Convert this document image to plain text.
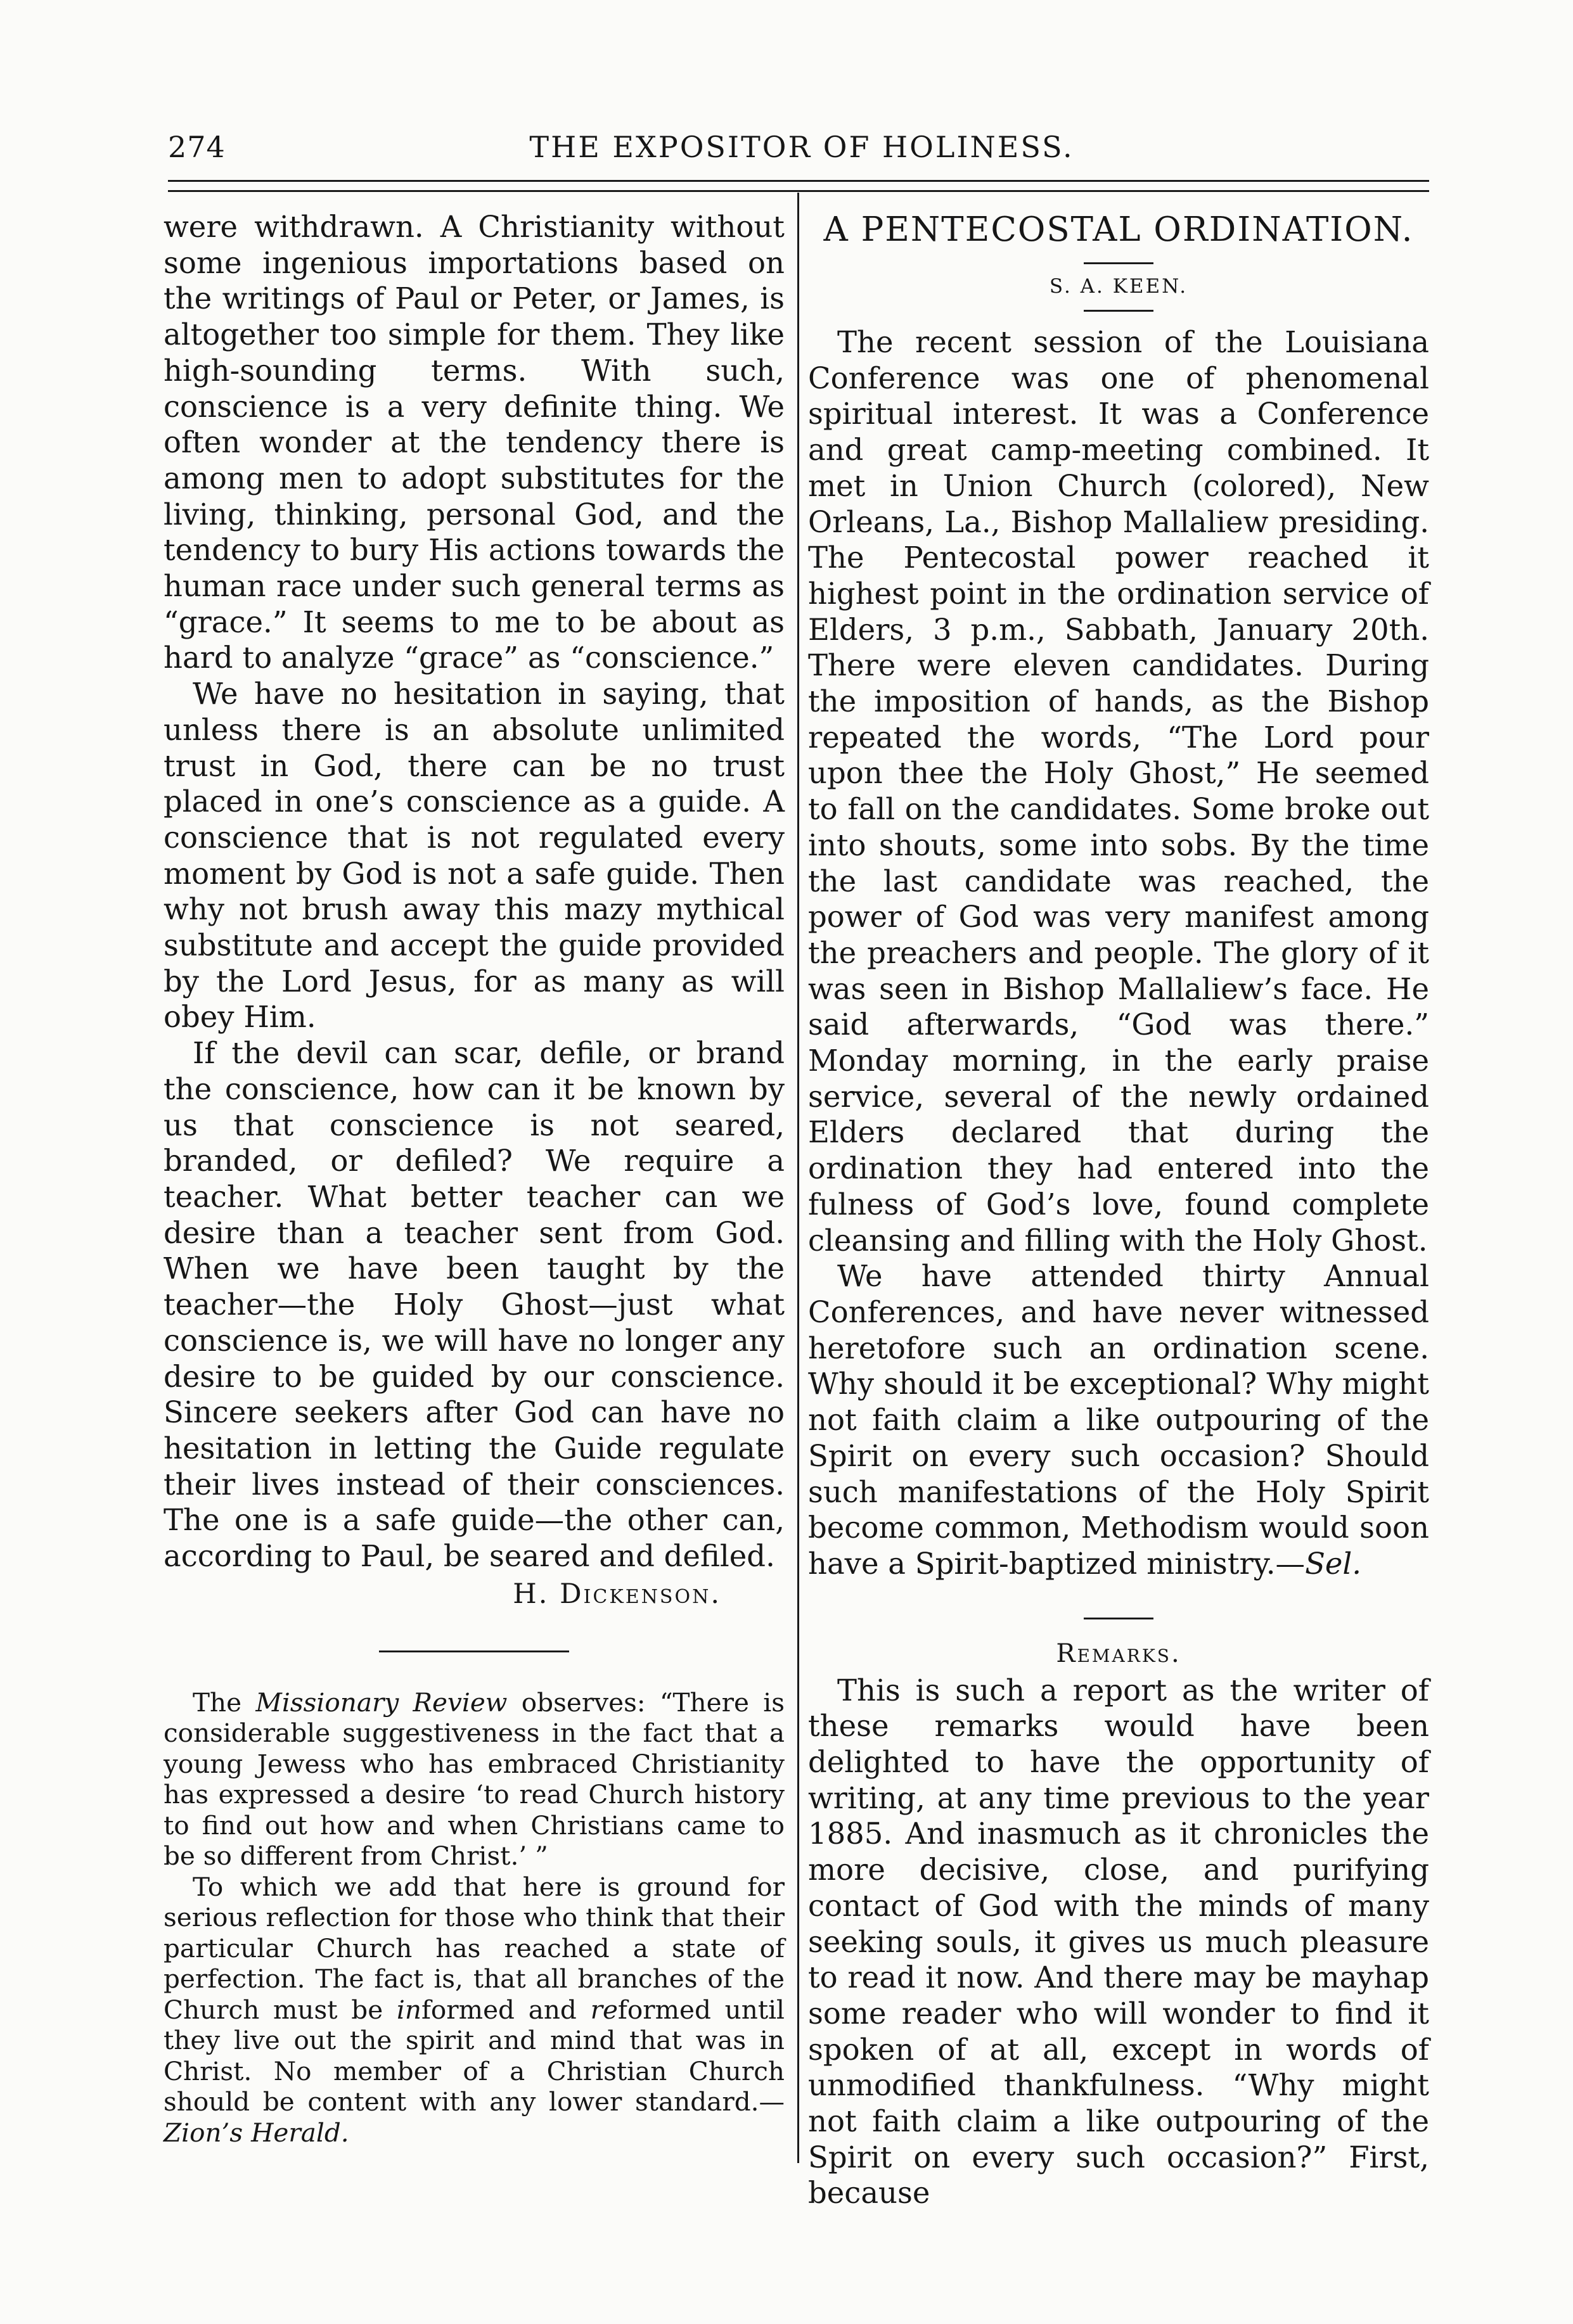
274	THE EXPOSITOR OF HOLINESS.

were withdrawn. A Christianity without some ingenious importations based on the writings of Paul or Peter, or James, is altogether too simple for them. They like high-sounding terms. With such, conscience is a very definite thing. We often wonder at the tendency there is among men to adopt substitutes for the living, thinking, personal God, and the tendency to bury His actions towards the human race under such general terms as “grace.” It seems to me to be about as hard to analyze “grace” as “conscience.”

We have no hesitation in saying, that unless there is an absolute unlimited trust in God, there can be no trust placed in one’s conscience as a guide. A conscience that is not regulated every moment by God is not a safe guide. Then why not brush away this mazy mythical substitute and accept the guide provided by the Lord Jesus, for as many as will obey Him.

If the devil can scar, defile, or brand the conscience, how can it be known by us that conscience is not seared, branded, or defiled? We require a teacher. What better teacher can we desire than a teacher sent from God. When we have been taught by the teacher—the Holy Ghost—just what conscience is, we will have no longer any desire to be guided by our conscience. Sincere seekers after God can have no hesitation in letting the Guide regulate their lives instead of their consciences. The one is a safe guide—the other can, according to Paul, be seared and defiled.

H. Dickenson.

The Missionary Review observes: “There is considerable suggestiveness in the fact that a young Jewess who has embraced Christianity has expressed a desire ‘to read Church history to find out how and when Christians came to be so different from Christ.’ ”

To which we add that here is ground for serious reflection for those who think that their particular Church has reached a state of perfection. The fact is, that all branches of the Church must be informed and reformed until they live out the spirit and mind that was in Christ. No member of a Christian Church should be content with any lower standard.—Zion’s Herald.

A PENTECOSTAL ORDINATION.

S. A. KEEN.

The recent session of the Louisiana Conference was one of phenomenal spiritual interest. It was a Conference and great camp-meeting combined. It met in Union Church (colored), New Orleans, La., Bishop Mallaliew presiding. The Pentecostal power reached it highest point in the ordination service of Elders, 3 p.m., Sabbath, January 20th. There were eleven candidates. During the imposition of hands, as the Bishop repeated the words, “The Lord pour upon thee the Holy Ghost,” He seemed to fall on the candidates. Some broke out into shouts, some into sobs. By the time the last candidate was reached, the power of God was very manifest among the preachers and people. The glory of it was seen in Bishop Mallaliew’s face. He said afterwards, “God was there.” Monday morning, in the early praise service, several of the newly ordained Elders declared that during the ordination they had entered into the fulness of God’s love, found complete cleansing and filling with the Holy Ghost.

We have attended thirty Annual Conferences, and have never witnessed heretofore such an ordination scene. Why should it be exceptional? Why might not faith claim a like outpouring of the Spirit on every such occasion? Should such manifestations of the Holy Spirit become common, Methodism would soon have a Spirit-baptized ministry.—Sel.

Remarks.

This is such a report as the writer of these remarks would have been delighted to have the opportunity of writing, at any time previous to the year 1885. And inasmuch as it chronicles the more decisive, close, and purifying contact of God with the minds of many seeking souls, it gives us much pleasure to read it now. And there may be mayhap some reader who will wonder to find it spoken of at all, except in words of unmodified thankfulness. “Why might not faith claim a like outpouring of the Spirit on every such occasion?” First, because
